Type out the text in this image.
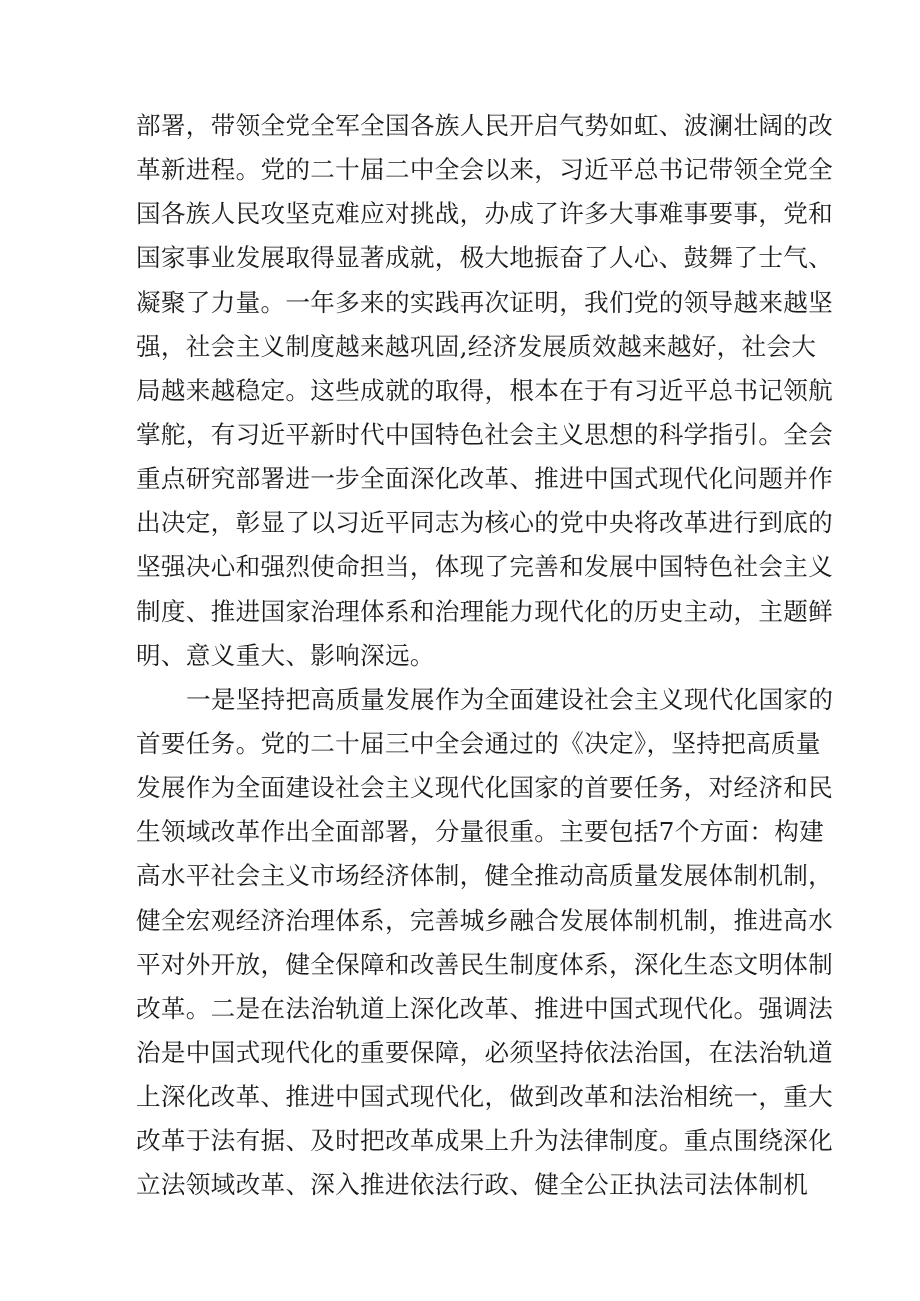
部署，带领全党全军全国各族人民开启气势如虹、波澜壮阔的改
革新进程。党的二十届二中全会以来，习近平总书记带领全党全
国各族人民攻坚克难应对挑战，办成了许多大事难事要事，党和
国家事业发展取得显著成就，极大地振奋了人心、鼓舞了士气、
凝聚了力量。一年多来的实践再次证明，我们党的领导越来越坚
强，社会主义制度越来越巩固,经济发展质效越来越好，社会大
局越来越稳定。这些成就的取得，根本在于有习近平总书记领航
掌舵，有习近平新时代中国特色社会主义思想的科学指引。全会
重点研究部署进一步全面深化改革、推进中国式现代化问题并作
出决定，彰显了以习近平同志为核心的党中央将改革进行到底的
坚强决心和强烈使命担当，体现了完善和发展中国特色社会主义
制度、推进国家治理体系和治理能力现代化的历史主动，主题鲜
明、意义重大、影响深远。
一是坚持把高质量发展作为全面建设社会主义现代化国家的
首要任务。党的二十届三中全会通过的《决定》，坚持把高质量
发展作为全面建设社会主义现代化国家的首要任务，对经济和民
生领域改革作出全面部署，分量很重。主要包括7个方面：构建
高水平社会主义市场经济体制，健全推动高质量发展体制机制，
健全宏观经济治理体系，完善城乡融合发展体制机制，推进高水
平对外开放，健全保障和改善民生制度体系，深化生态文明体制
改革。二是在法治轨道上深化改革、推进中国式现代化。强调法
治是中国式现代化的重要保障，必须坚持依法治国，在法治轨道
上深化改革、推进中国式现代化，做到改革和法治相统一，重大
改革于法有据、及时把改革成果上升为法律制度。重点围绕深化
立法领域改革、深入推进依法行政、健全公正执法司法体制机
